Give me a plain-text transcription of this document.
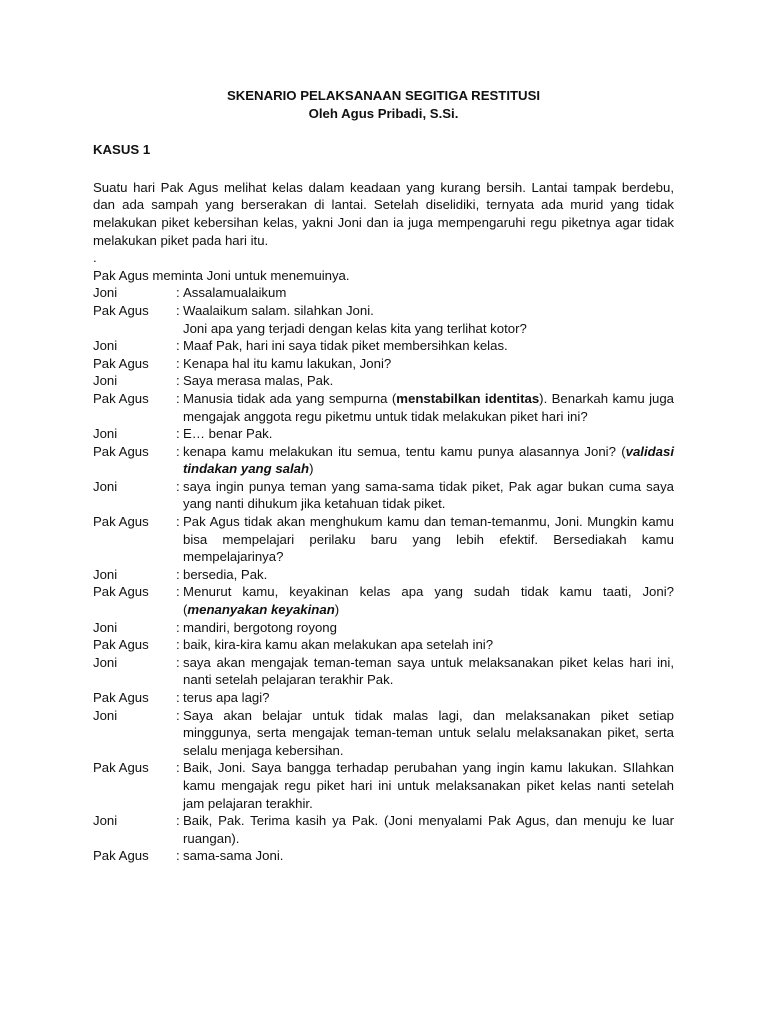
SKENARIO PELAKSANAAN SEGITIGA RESTITUSI
Oleh Agus Pribadi, S.Si.
KASUS 1
Suatu hari Pak Agus melihat kelas dalam keadaan yang kurang bersih. Lantai tampak berdebu, dan ada sampah yang berserakan di lantai. Setelah diselidiki, ternyata ada murid yang tidak melakukan piket kebersihan kelas, yakni Joni dan ia juga mempengaruhi regu piketnya agar tidak melakukan piket pada hari itu.
.
Pak Agus meminta Joni untuk menemuinya.
Joni	: Assalamualaikum
Pak Agus	: Waalaikum salam. silahkan Joni.
Joni apa yang terjadi dengan kelas kita yang terlihat kotor?
Joni	: Maaf Pak, hari ini saya tidak piket membersihkan kelas.
Pak Agus	: Kenapa hal itu kamu lakukan, Joni?
Joni	: Saya merasa malas, Pak.
Pak Agus	: Manusia tidak ada yang sempurna (menstabilkan identitas). Benarkah kamu juga mengajak anggota regu piketmu untuk tidak melakukan piket hari ini?
Joni	: E… benar Pak.
Pak Agus	: kenapa kamu melakukan itu semua, tentu kamu punya alasannya Joni? (validasi tindakan yang salah)
Joni	: saya ingin punya teman yang sama-sama tidak piket, Pak agar bukan cuma saya yang nanti dihukum jika ketahuan tidak piket.
Pak Agus	: Pak Agus tidak akan menghukum kamu dan teman-temanmu, Joni. Mungkin kamu bisa mempelajari perilaku baru yang lebih efektif. Bersediakah kamu mempelajarinya?
Joni	: bersedia, Pak.
Pak Agus	: Menurut kamu, keyakinan kelas apa yang sudah tidak kamu taati, Joni? (menanyakan keyakinan)
Joni	: mandiri, bergotong royong
Pak Agus	: baik, kira-kira kamu akan melakukan apa setelah ini?
Joni	: saya akan mengajak teman-teman saya untuk melaksanakan piket kelas hari ini, nanti setelah pelajaran terakhir Pak.
Pak Agus	: terus apa lagi?
Joni	: Saya akan belajar untuk tidak malas lagi, dan melaksanakan piket setiap minggunya, serta mengajak teman-teman untuk selalu melaksanakan piket, serta selalu menjaga kebersihan.
Pak Agus	: Baik, Joni. Saya bangga terhadap perubahan yang ingin kamu lakukan. SIlahkan kamu mengajak regu piket hari ini untuk melaksanakan piket kelas nanti setelah jam pelajaran terakhir.
Joni	: Baik, Pak. Terima kasih ya Pak. (Joni menyalami Pak Agus, dan menuju ke luar ruangan).
Pak Agus	: sama-sama Joni.
